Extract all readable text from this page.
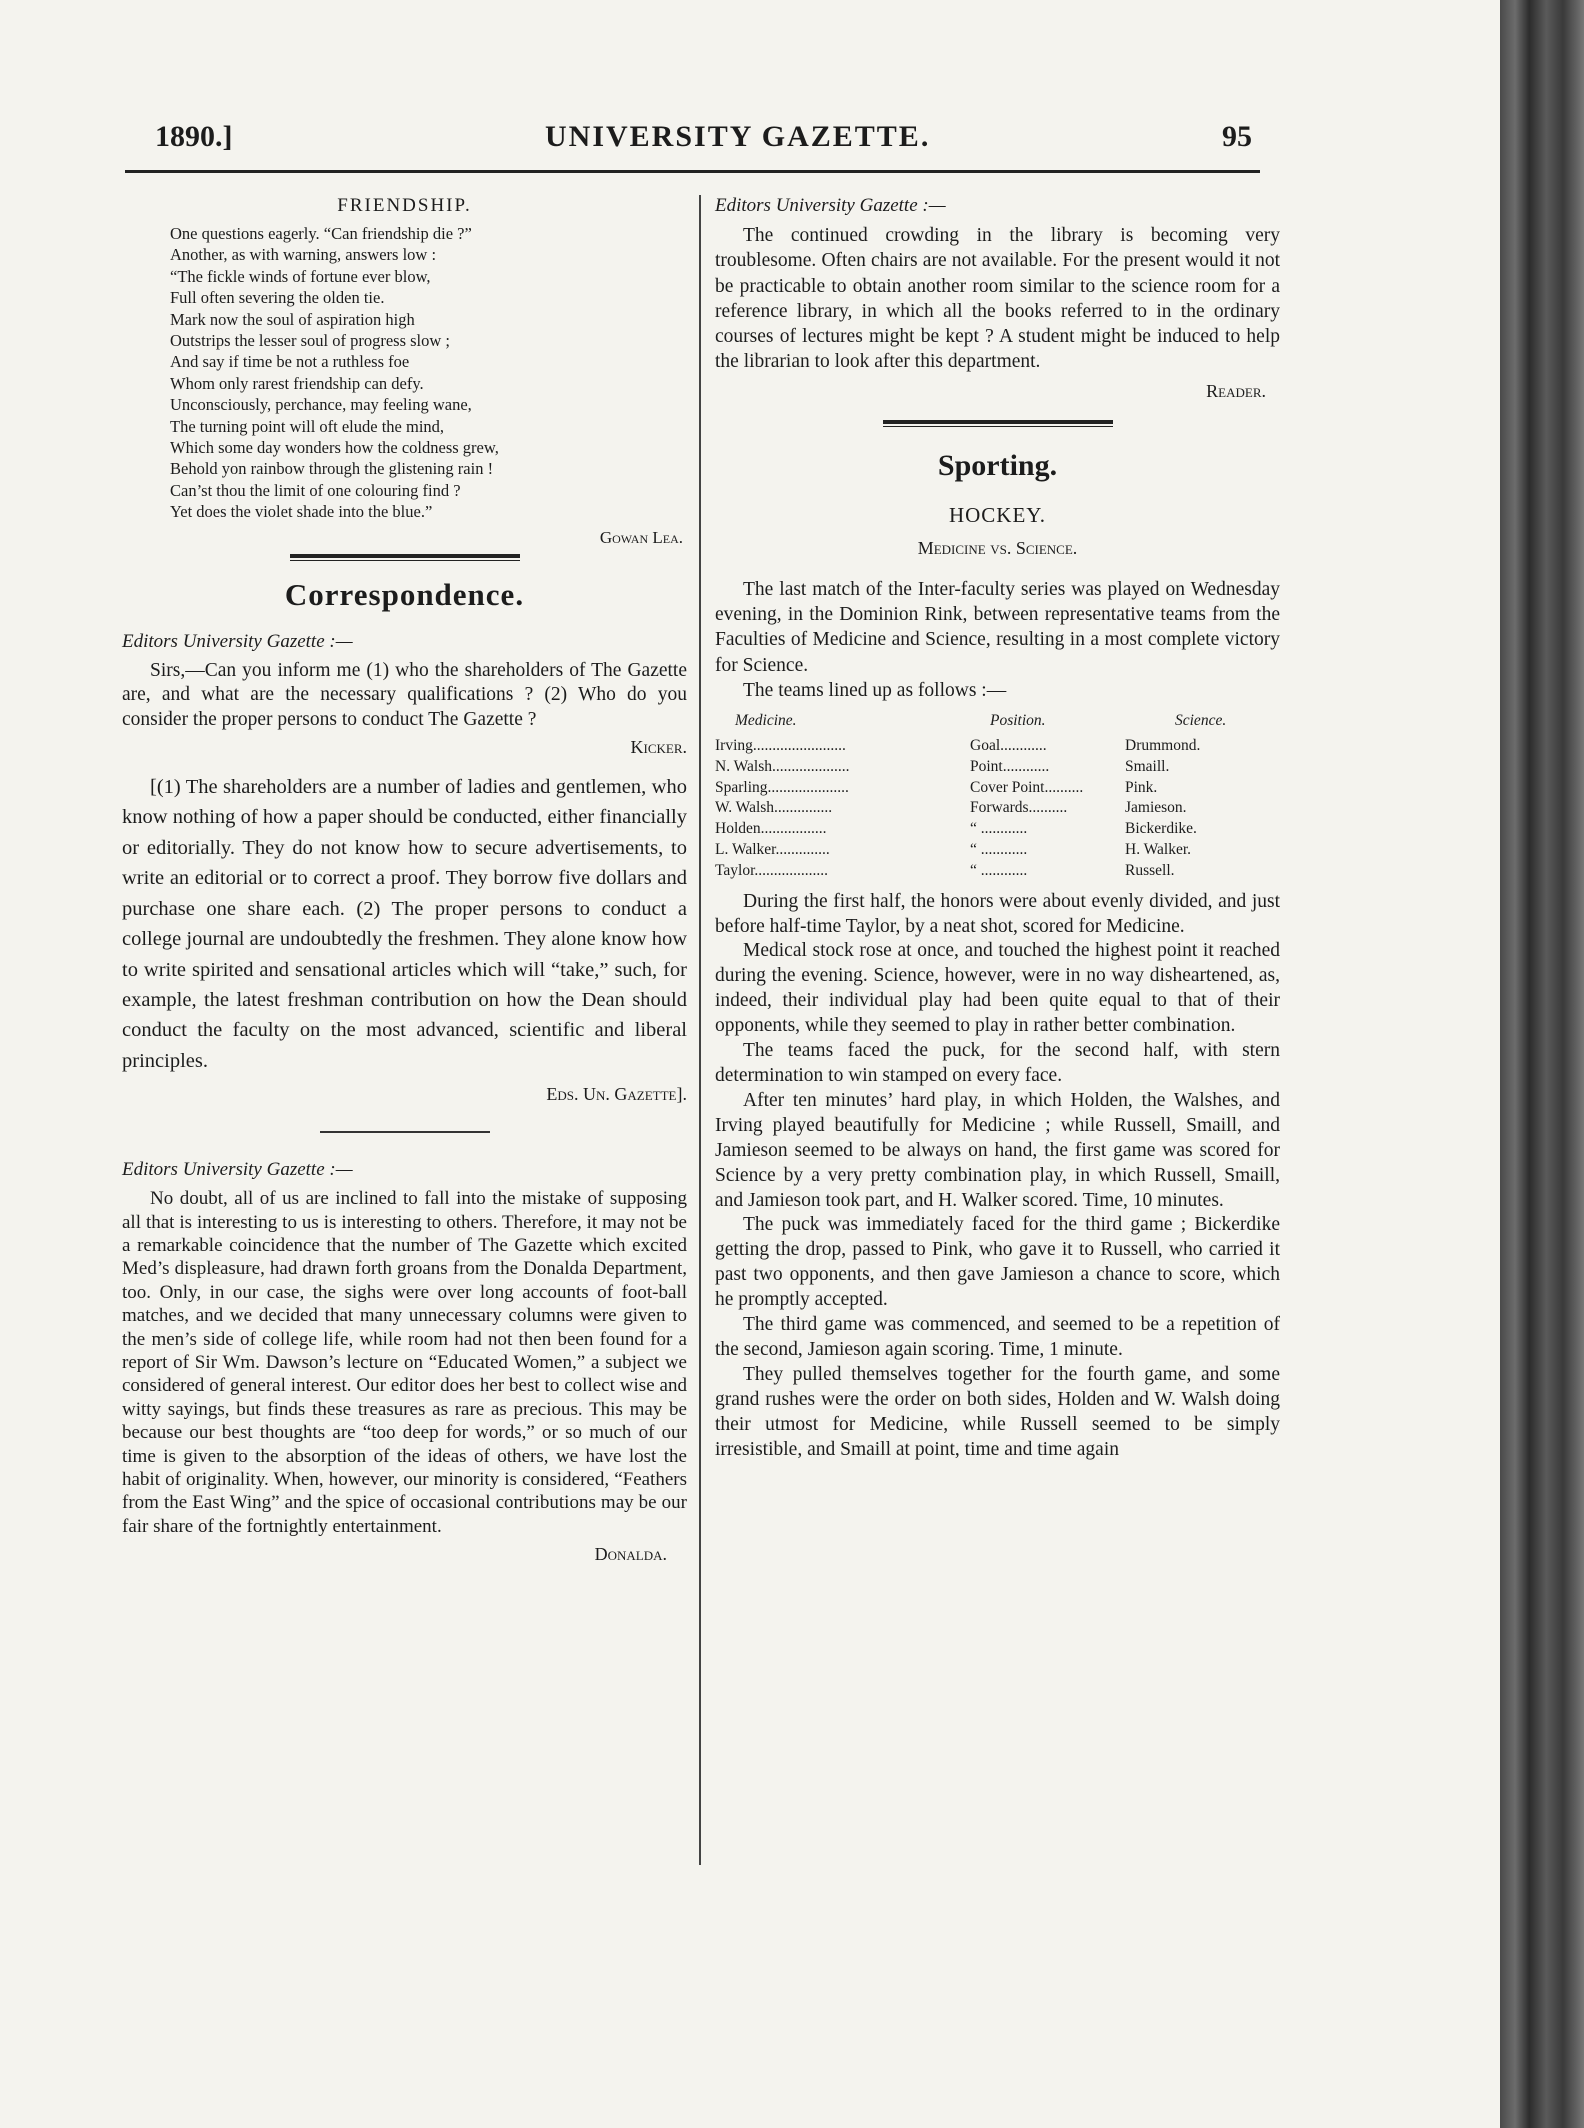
1890.]	UNIVERSITY GAZETTE.	95
FRIENDSHIP.
One questions eagerly. “Can friendship die ?”
Another, as with warning, answers low :
“The fickle winds of fortune ever blow,
Full often severing the olden tie.
Mark now the soul of aspiration high
Outstrips the lesser soul of progress slow ;
And say if time be not a ruthless foe
Whom only rarest friendship can defy.
Unconsciously, perchance, may feeling wane,
The turning point will oft elude the mind,
Which some day wonders how the coldness grew,
Behold yon rainbow through the glistening rain !
Can’st thou the limit of one colouring find ?
Yet does the violet shade into the blue.”
Gowan Lea.
Correspondence.
Editors University Gazette :—

Sirs,—Can you inform me (1) who the shareholders of The Gazette are, and what are the necessary qualifications ? (2) Who do you consider the proper persons to conduct The Gazette ?

Kicker.

[(1) The shareholders are a number of ladies and gentlemen, who know nothing of how a paper should be conducted, either financially or editorially. They do not know how to secure advertisements, to write an editorial or to correct a proof. They borrow five dollars and purchase one share each. (2) The proper persons to conduct a college journal are undoubtedly the freshmen. They alone know how to write spirited and sensational articles which will “take,” such, for example, the latest freshman contribution on how the Dean should conduct the faculty on the most advanced, scientific and liberal principles.

Eds. Un. Gazette].
Editors University Gazette :—

No doubt, all of us are inclined to fall into the mistake of supposing all that is interesting to us is interesting to others. Therefore, it may not be a remarkable coincidence that the number of The Gazette which excited Med’s displeasure, had drawn forth groans from the Donalda Department, too. Only, in our case, the sighs were over long accounts of foot-ball matches, and we decided that many unnecessary columns were given to the men’s side of college life, while room had not then been found for a report of Sir Wm. Dawson’s lecture on “Educated Women,” a subject we considered of general interest. Our editor does her best to collect wise and witty sayings, but finds these treasures as rare as precious. This may be because our best thoughts are “too deep for words,” or so much of our time is given to the absorption of the ideas of others, we have lost the habit of originality. When, however, our minority is considered, “Feathers from the East Wing” and the spice of occasional contributions may be our fair share of the fortnightly entertainment.

Donalda.
Editors University Gazette :—

The continued crowding in the library is becoming very troublesome. Often chairs are not available. For the present would it not be practicable to obtain another room similar to the science room for a reference library, in which all the books referred to in the ordinary courses of lectures might be kept ? A student might be induced to help the librarian to look after this department.

Reader.
Sporting.
HOCKEY.
Medicine vs. Science.

The last match of the Inter-faculty series was played on Wednesday evening, in the Dominion Rink, between representative teams from the Faculties of Medicine and Science, resulting in a most complete victory for Science.

The teams lined up as follows :—

Medicine.	Position.	Science.
Irving........................	Goal............	Drummond.
N. Walsh....................	Point............	Smaill.
Sparling.....................	Cover Point..........	Pink.
W. Walsh...............	Forwards..........	Jamieson.
Holden.................	“ ............	Bickerdike.
L. Walker..............	“ ............	H. Walker.
Taylor...................	“ ............	Russell.

During the first half, the honors were about evenly divided, and just before half-time Taylor, by a neat shot, scored for Medicine.

Medical stock rose at once, and touched the highest point it reached during the evening. Science, however, were in no way disheartened, as, indeed, their individual play had been quite equal to that of their opponents, while they seemed to play in rather better combination.

The teams faced the puck, for the second half, with stern determination to win stamped on every face.

After ten minutes’ hard play, in which Holden, the Walshes, and Irving played beautifully for Medicine ; while Russell, Smaill, and Jamieson seemed to be always on hand, the first game was scored for Science by a very pretty combination play, in which Russell, Smaill, and Jamieson took part, and H. Walker scored. Time, 10 minutes.

The puck was immediately faced for the third game ; Bickerdike getting the drop, passed to Pink, who gave it to Russell, who carried it past two opponents, and then gave Jamieson a chance to score, which he promptly accepted.

The third game was commenced, and seemed to be a repetition of the second, Jamieson again scoring. Time, 1 minute.

They pulled themselves together for the fourth game, and some grand rushes were the order on both sides, Holden and W. Walsh doing their utmost for Medicine, while Russell seemed to be simply irresistible, and Smaill at point, time and time again
